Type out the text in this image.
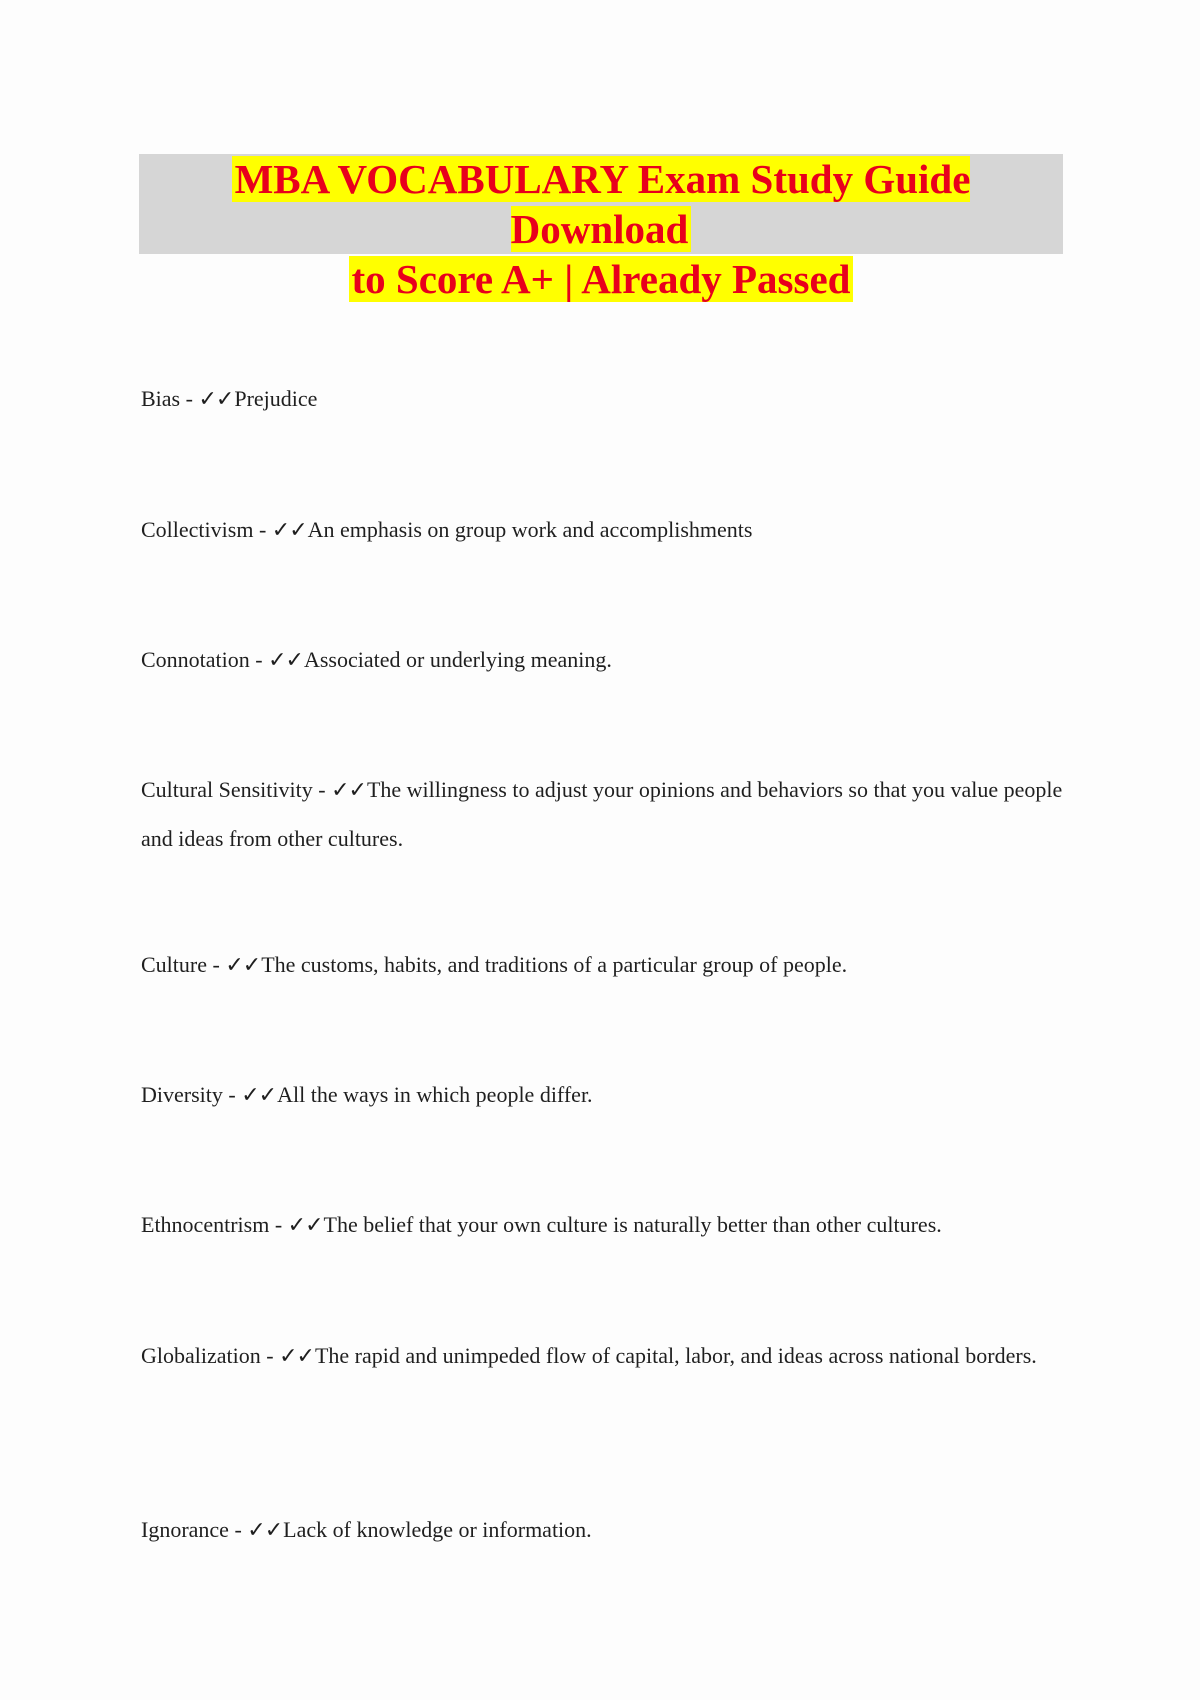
MBA VOCABULARY Exam Study Guide Download
to Score A+ | Already Passed
Bias - ✓✓Prejudice
Collectivism - ✓✓An emphasis on group work and accomplishments
Connotation - ✓✓Associated or underlying meaning.
Cultural Sensitivity - ✓✓The willingness to adjust your opinions and behaviors so that you value people and ideas from other cultures.
Culture - ✓✓The customs, habits, and traditions of a particular group of people.
Diversity - ✓✓All the ways in which people differ.
Ethnocentrism - ✓✓The belief that your own culture is naturally better than other cultures.
Globalization - ✓✓The rapid and unimpeded flow of capital, labor, and ideas across national borders.
Ignorance - ✓✓Lack of knowledge or information.
